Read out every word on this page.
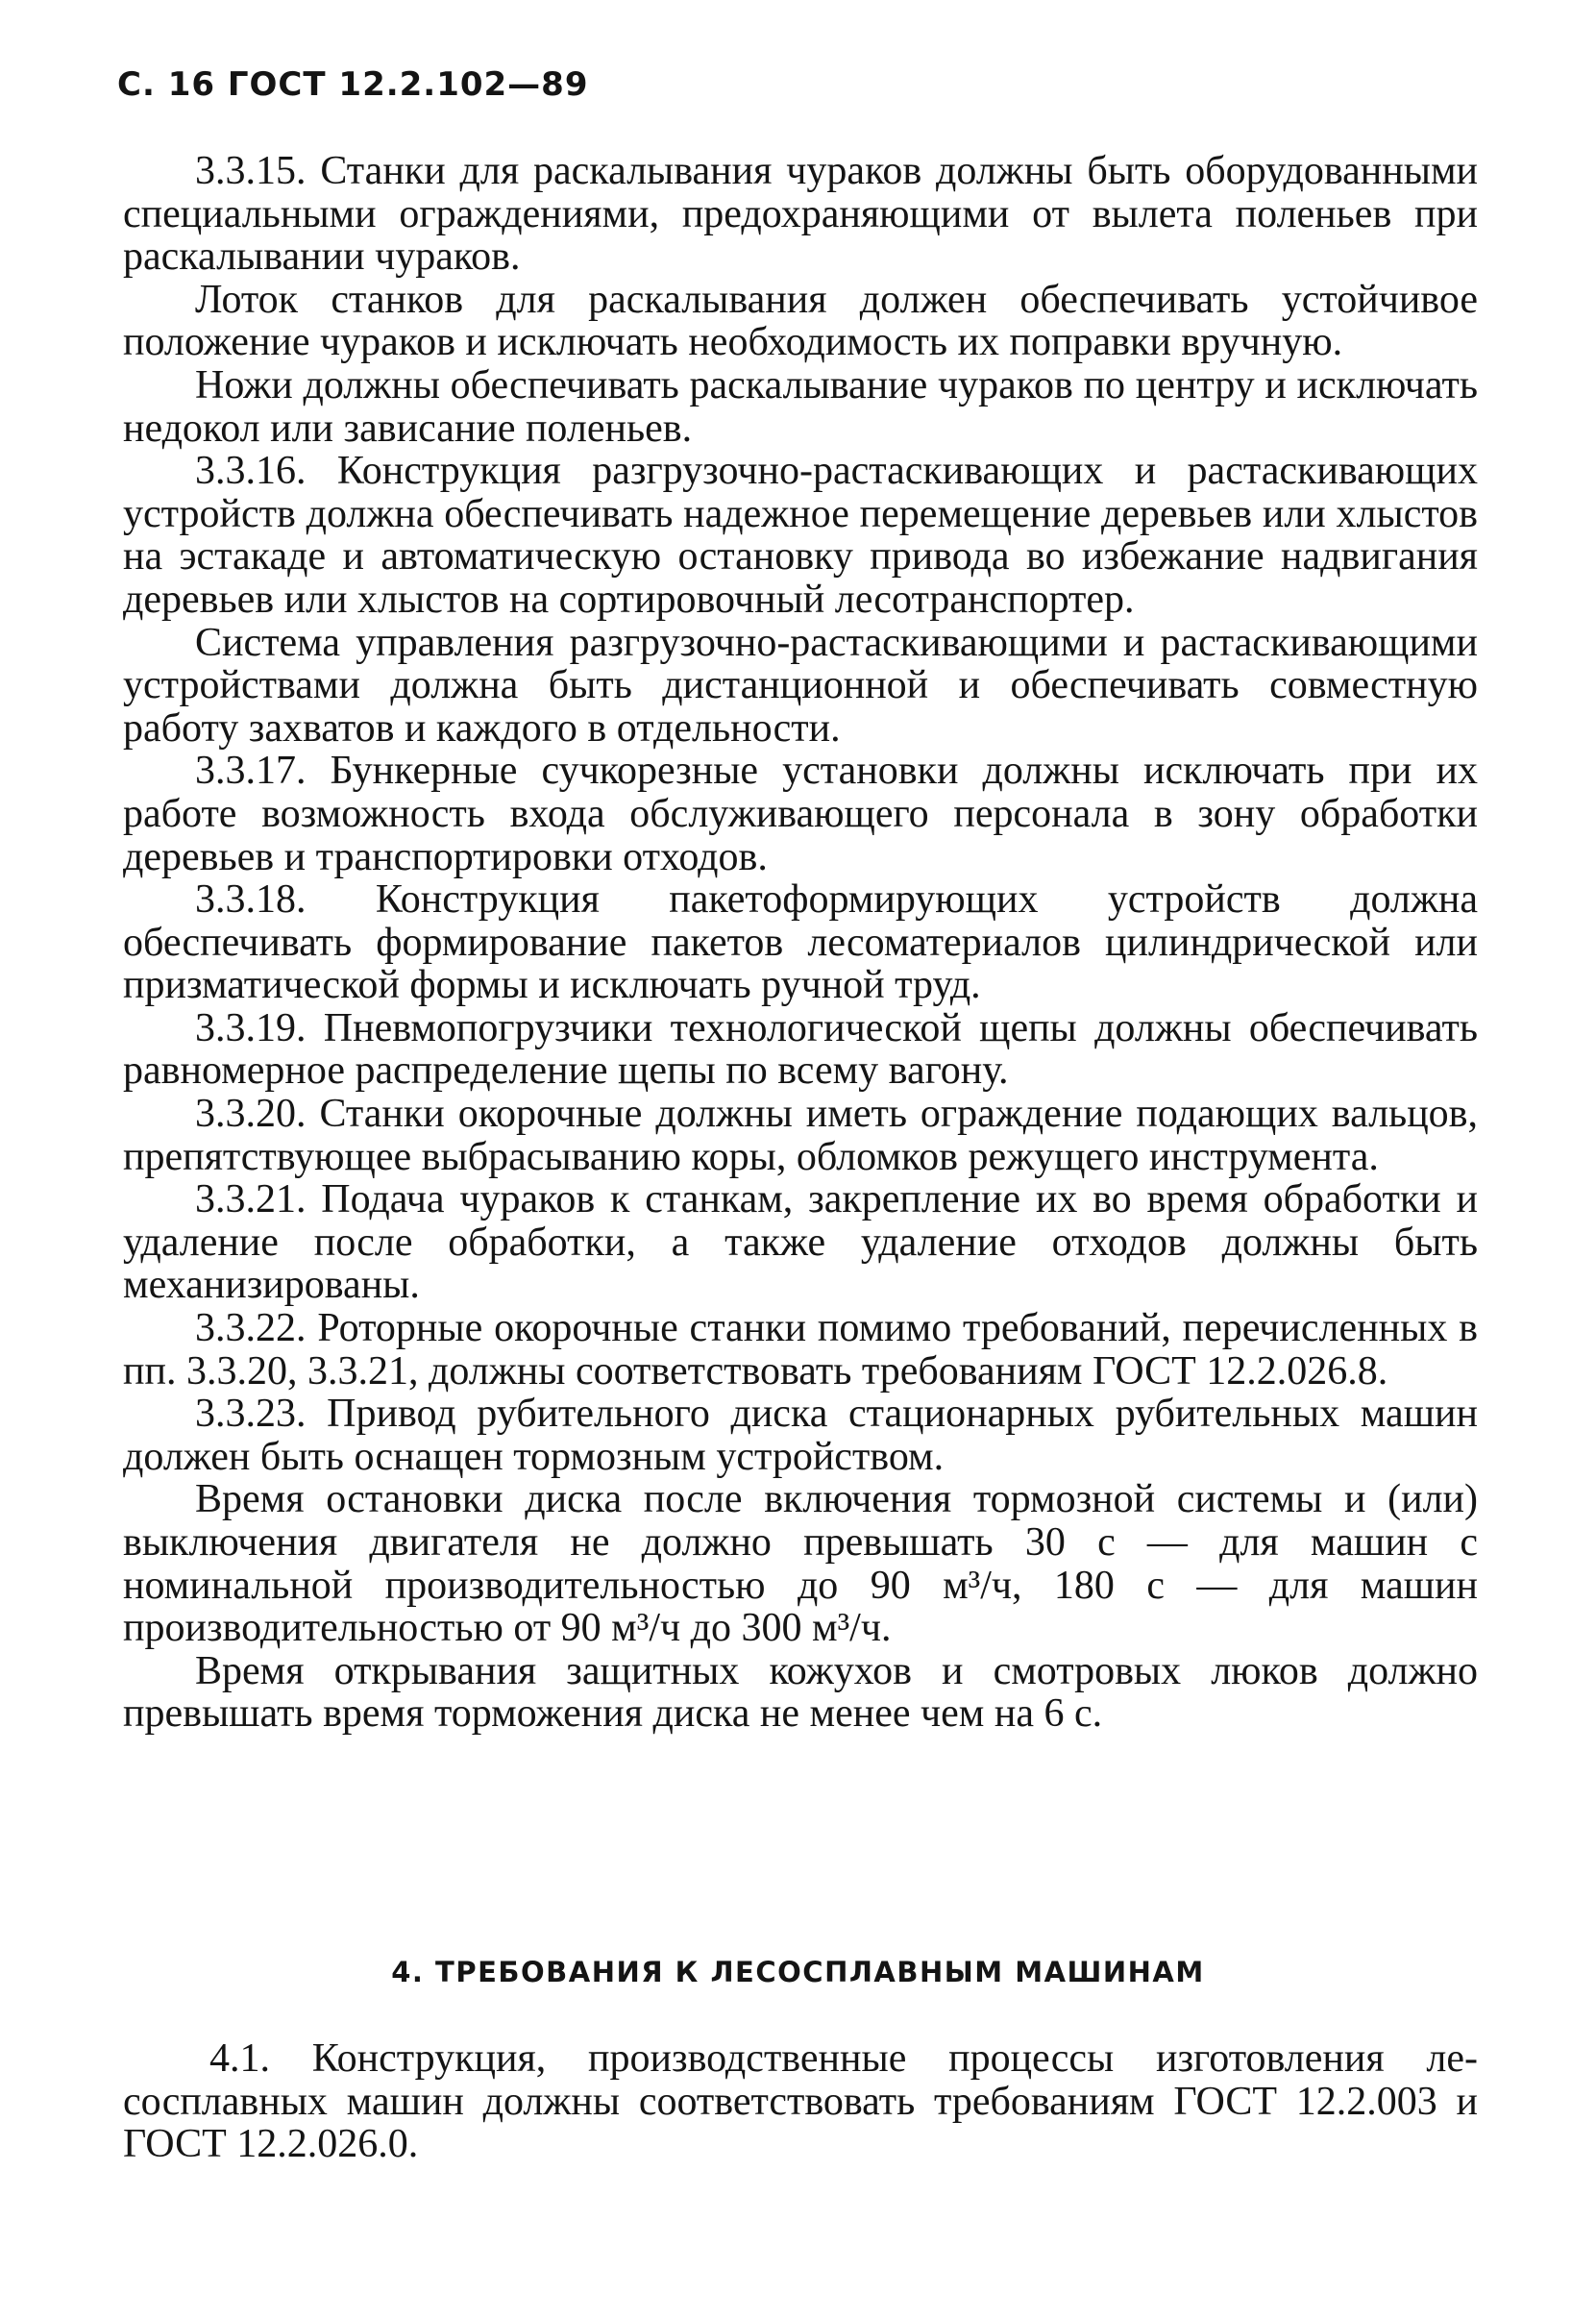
С. 16 ГОСТ 12.2.102—89

3.3.15. Станки для раскалывания чураков должны быть оборудованными специальными ограждениями, предохраняющими от вылета поленьев при раскалывании чураков.

Лоток станков для раскалывания должен обеспечивать устойчивое положение чураков и исключать необходимость их поправки вручную.

Ножи должны обеспечивать раскалывание чураков по центру и исключать недокол или зависание поленьев.

3.3.16. Конструкция разгрузочно-растаскивающих и растаскивающих устройств должна обеспечивать надежное перемещение деревьев или хлыстов на эстакаде и автоматическую остановку привода во избежание надвигания деревьев или хлыстов на сортировочный лесотранспортер.

Система управления разгрузочно-растаскивающими и растаскивающими устройствами должна быть дистанционной и обеспечивать совместную работу захватов и каждого в отдельности.

3.3.17. Бункерные сучкорезные установки должны исключать при их работе возможность входа обслуживающего персонала в зону обработки деревьев и транспортировки отходов.

3.3.18. Конструкция пакетоформирующих устройств должна обеспечивать формирование пакетов лесоматериалов цилиндрической или призматической формы и исключать ручной труд.

3.3.19. Пневмопогрузчики технологической щепы должны обеспечивать равномерное распределение щепы по всему вагону.

3.3.20. Станки окорочные должны иметь ограждение подающих вальцов, препятствующее выбрасыванию коры, обломков режущего инструмента.

3.3.21. Подача чураков к станкам, закрепление их во время обработки и удаление после обработки, а также удаление отходов должны быть механизированы.

3.3.22. Роторные окорочные станки помимо требований, перечисленных в пп. 3.3.20, 3.3.21, должны соответствовать требованиям ГОСТ 12.2.026.8.

3.3.23. Привод рубительного диска стационарных рубительных машин должен быть оснащен тормозным устройством.

Время остановки диска после включения тормозной системы и (или) выключения двигателя не должно превышать 30 с — для машин с номинальной производительностью до 90 м³/ч, 180 с — для машин производительностью от 90 м³/ч до 300 м³/ч.

Время открывания защитных кожухов и смотровых люков должно превышать время торможения диска не менее чем на 6 с.

4. ТРЕБОВАНИЯ К ЛЕСОСПЛАВНЫМ МАШИНАМ

4.1. Конструкция, производственные процессы изготовления лесосплавных машин должны соответствовать требованиям ГОСТ 12.2.003 и ГОСТ 12.2.026.0.
